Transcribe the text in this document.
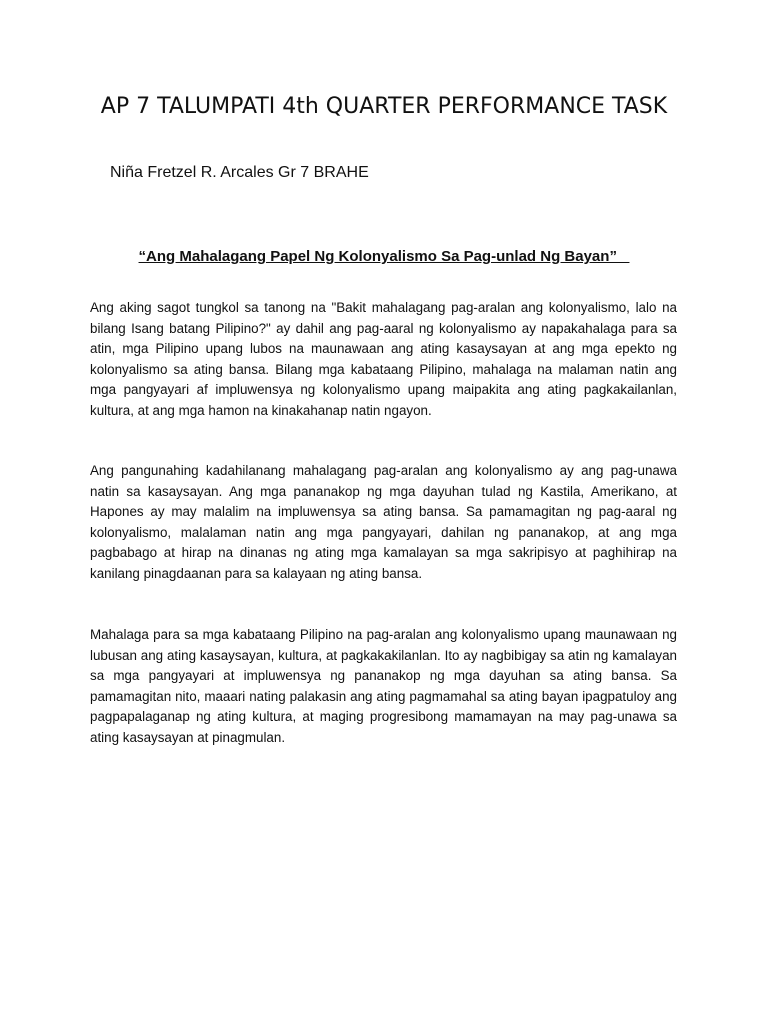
AP 7 TALUMPATI 4th QUARTER PERFORMANCE TASK

Niña Fretzel R. Arcales Gr 7 BRAHE

“Ang Mahalagang Papel Ng Kolonyalismo Sa Pag-unlad Ng Bayan”

Ang aking sagot tungkol sa tanong na "Bakit mahalagang pag-aralan ang kolonyalismo, lalo na bilang Isang batang Pilipino?" ay dahil ang pag-aaral ng kolonyalismo ay napakahalaga para sa atin, mga Pilipino upang lubos na maunawaan ang ating kasaysayan at ang mga epekto ng kolonyalismo sa ating bansa. Bilang mga kabataang Pilipino, mahalaga na malaman natin ang mga pangyayari af impluwensya ng kolonyalismo upang maipakita ang ating pagkakailanlan, kultura, at ang mga hamon na kinakahanap natin ngayon.

Ang pangunahing kadahilanang mahalagang pag-aralan ang kolonyalismo ay ang pag-unawa natin sa kasaysayan. Ang mga pananakop ng mga dayuhan tulad ng Kastila, Amerikano, at Hapones ay may malalim na impluwensya sa ating bansa. Sa pamamagitan ng pag-aaral ng kolonyalismo, malalaman natin ang mga pangyayari, dahilan ng pananakop, at ang mga pagbabago at hirap na dinanas ng ating mga kamalayan sa mga sakripisyo at paghihirap na kanilang pinagdaanan para sa kalayaan ng ating bansa.

Mahalaga para sa mga kabataang Pilipino na pag-aralan ang kolonyalismo upang maunawaan ng lubusan ang ating kasaysayan, kultura, at pagkakakilanlan. Ito ay nagbibigay sa atin ng kamalayan sa mga pangyayari at impluwensya ng pananakop ng mga dayuhan sa ating bansa. Sa pamamagitan nito, maaari nating palakasin ang ating pagmamahal sa ating bayan ipagpatuloy ang pagpapalaganap ng ating kultura, at maging progresibong mamamayan na may pag-unawa sa ating kasaysayan at pinagmulan.
